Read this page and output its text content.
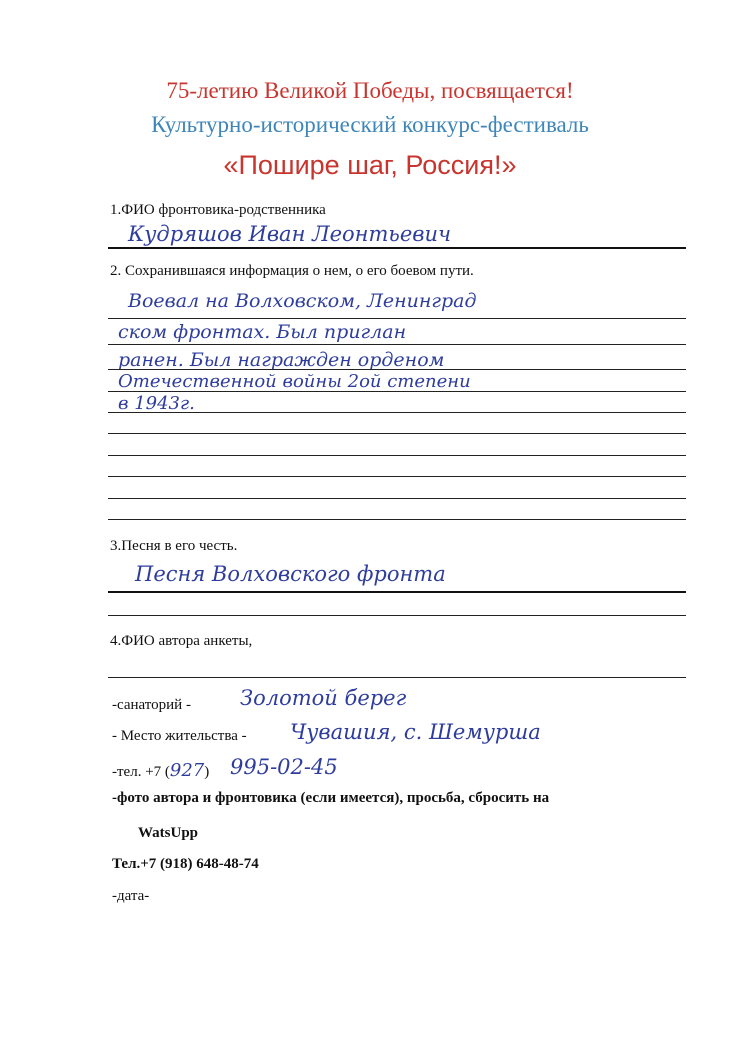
75-летию Великой Победы, посвящается!

Культурно-исторический конкурс-фестиваль

«Пошире шаг, Россия!»

1.ФИО фронтовика-родственника

Кудряшов Иван Леонтьевич

2. Сохранившаяся информация о нем, о его боевом пути.

Воевал на Волховском, Ленинград

ском фронтах. Был приглан

ранен. Был награжден орденом

Отечественной войны 2ой степени

в 1943г.

3.Песня в его честь.

Песня Волховского фронта

4.ФИО автора анкеты,

-санаторий - Золотой берег

- Место жительства - Чувашия, с. Шемурша

-тел. +7 (927) 995-02-45

-фото автора и фронтовика (если имеется), просьба, сбросить на

WatsUpp

Тел.+7 (918) 648-48-74

-дата-
